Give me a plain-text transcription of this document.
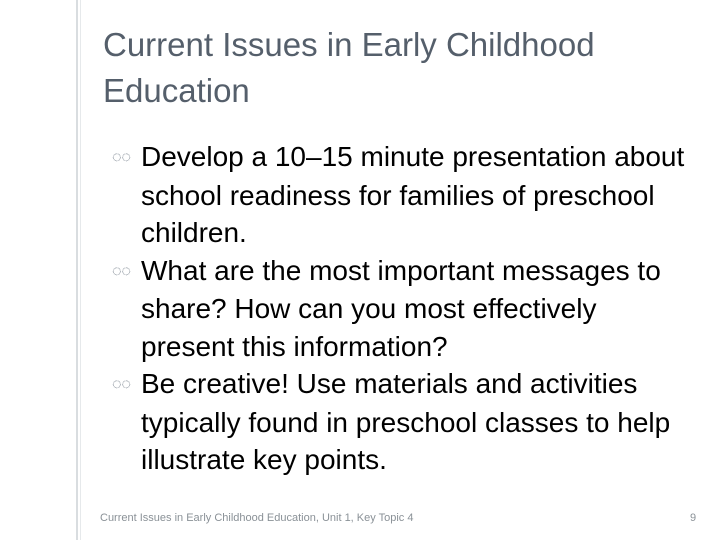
Current Issues in Early Childhood Education
◌◌ Develop a 10–15 minute presentation about school readiness for families of preschool children.
◌◌ What are the most important messages to share? How can you most effectively present this information?
◌◌ Be creative! Use materials and activities typically found in preschool classes to help illustrate key points.
Current Issues in Early Childhood Education, Unit 1, Key Topic 4	9
